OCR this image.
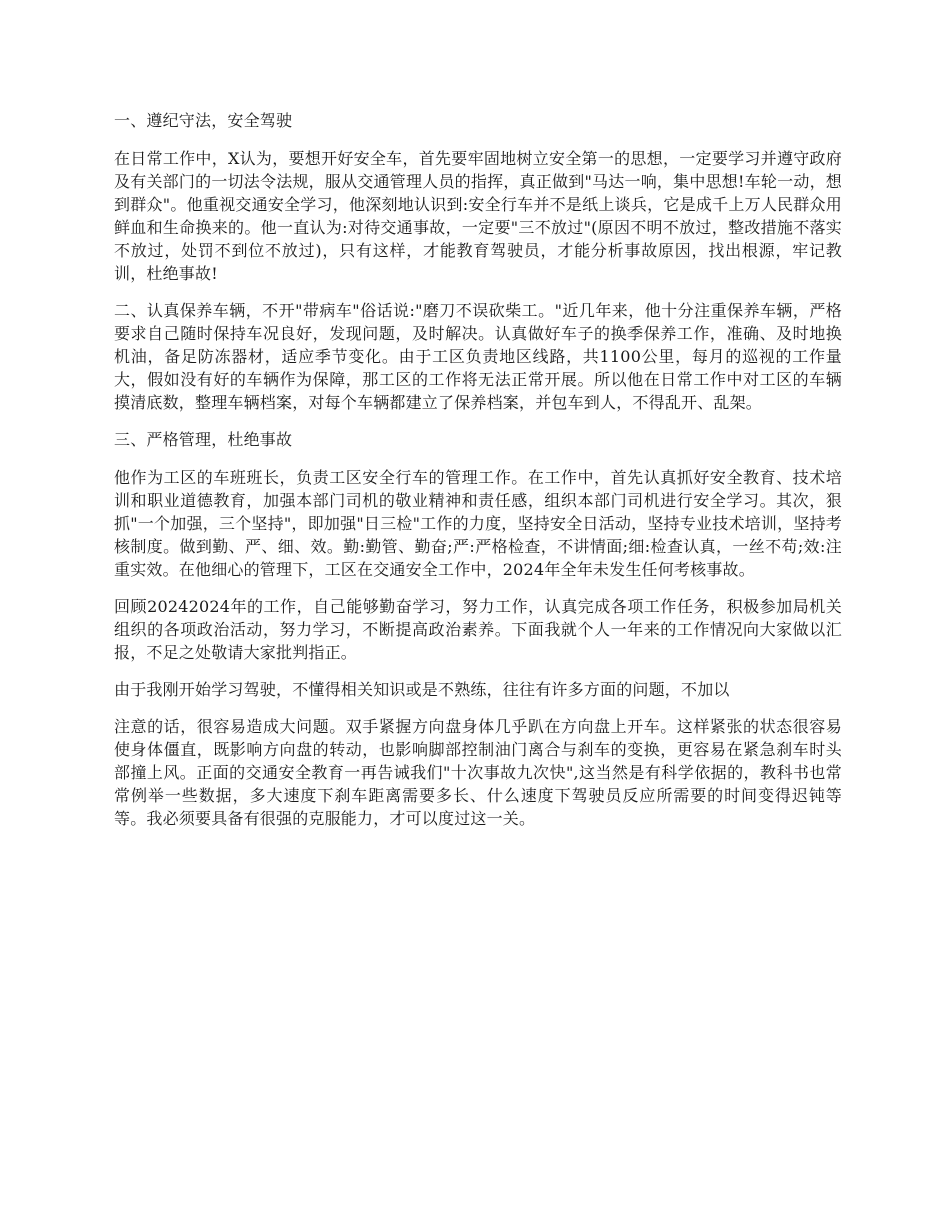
一、遵纪守法，安全驾驶

在日常工作中，X认为，要想开好安全车，首先要牢固地树立安全第一的思想，一定要学习并遵守政府及有关部门的一切法令法规，服从交通管理人员的指挥，真正做到"马达一响，集中思想!车轮一动，想到群众"。他重视交通安全学习，他深刻地认识到:安全行车并不是纸上谈兵，它是成千上万人民群众用鲜血和生命换来的。他一直认为:对待交通事故，一定要"三不放过"(原因不明不放过，整改措施不落实不放过，处罚不到位不放过)，只有这样，才能教育驾驶员，才能分析事故原因，找出根源，牢记教训，杜绝事故!

二、认真保养车辆，不开"带病车"俗话说:"磨刀不误砍柴工。"近几年来，他十分注重保养车辆，严格要求自己随时保持车况良好，发现问题，及时解决。认真做好车子的换季保养工作，准确、及时地换机油，备足防冻器材，适应季节变化。由于工区负责地区线路，共1100公里，每月的巡视的工作量大，假如没有好的车辆作为保障，那工区的工作将无法正常开展。所以他在日常工作中对工区的车辆摸清底数，整理车辆档案，对每个车辆都建立了保养档案，并包车到人，不得乱开、乱架。

三、严格管理，杜绝事故

他作为工区的车班班长，负责工区安全行车的管理工作。在工作中，首先认真抓好安全教育、技术培训和职业道德教育，加强本部门司机的敬业精神和责任感，组织本部门司机进行安全学习。其次，狠抓"一个加强，三个坚持"，即加强"日三检"工作的力度，坚持安全日活动，坚持专业技术培训，坚持考核制度。做到勤、严、细、效。勤:勤管、勤奋;严:严格检查，不讲情面;细:检查认真，一丝不苟;效:注重实效。在他细心的管理下，工区在交通安全工作中，2024年全年未发生任何考核事故。

回顾20242024年的工作，自己能够勤奋学习，努力工作，认真完成各项工作任务，积极参加局机关组织的各项政治活动，努力学习，不断提高政治素养。下面我就个人一年来的工作情况向大家做以汇报，不足之处敬请大家批判指正。

由于我刚开始学习驾驶，不懂得相关知识或是不熟练，往往有许多方面的问题，不加以

注意的话，很容易造成大问题。双手紧握方向盘身体几乎趴在方向盘上开车。这样紧张的状态很容易使身体僵直，既影响方向盘的转动，也影响脚部控制油门离合与刹车的变换，更容易在紧急刹车时头部撞上风。正面的交通安全教育一再告诫我们"十次事故九次快",这当然是有科学依据的，教科书也常常例举一些数据，多大速度下刹车距离需要多长、什么速度下驾驶员反应所需要的时间变得迟钝等等。我必须要具备有很强的克服能力，才可以度过这一关。
